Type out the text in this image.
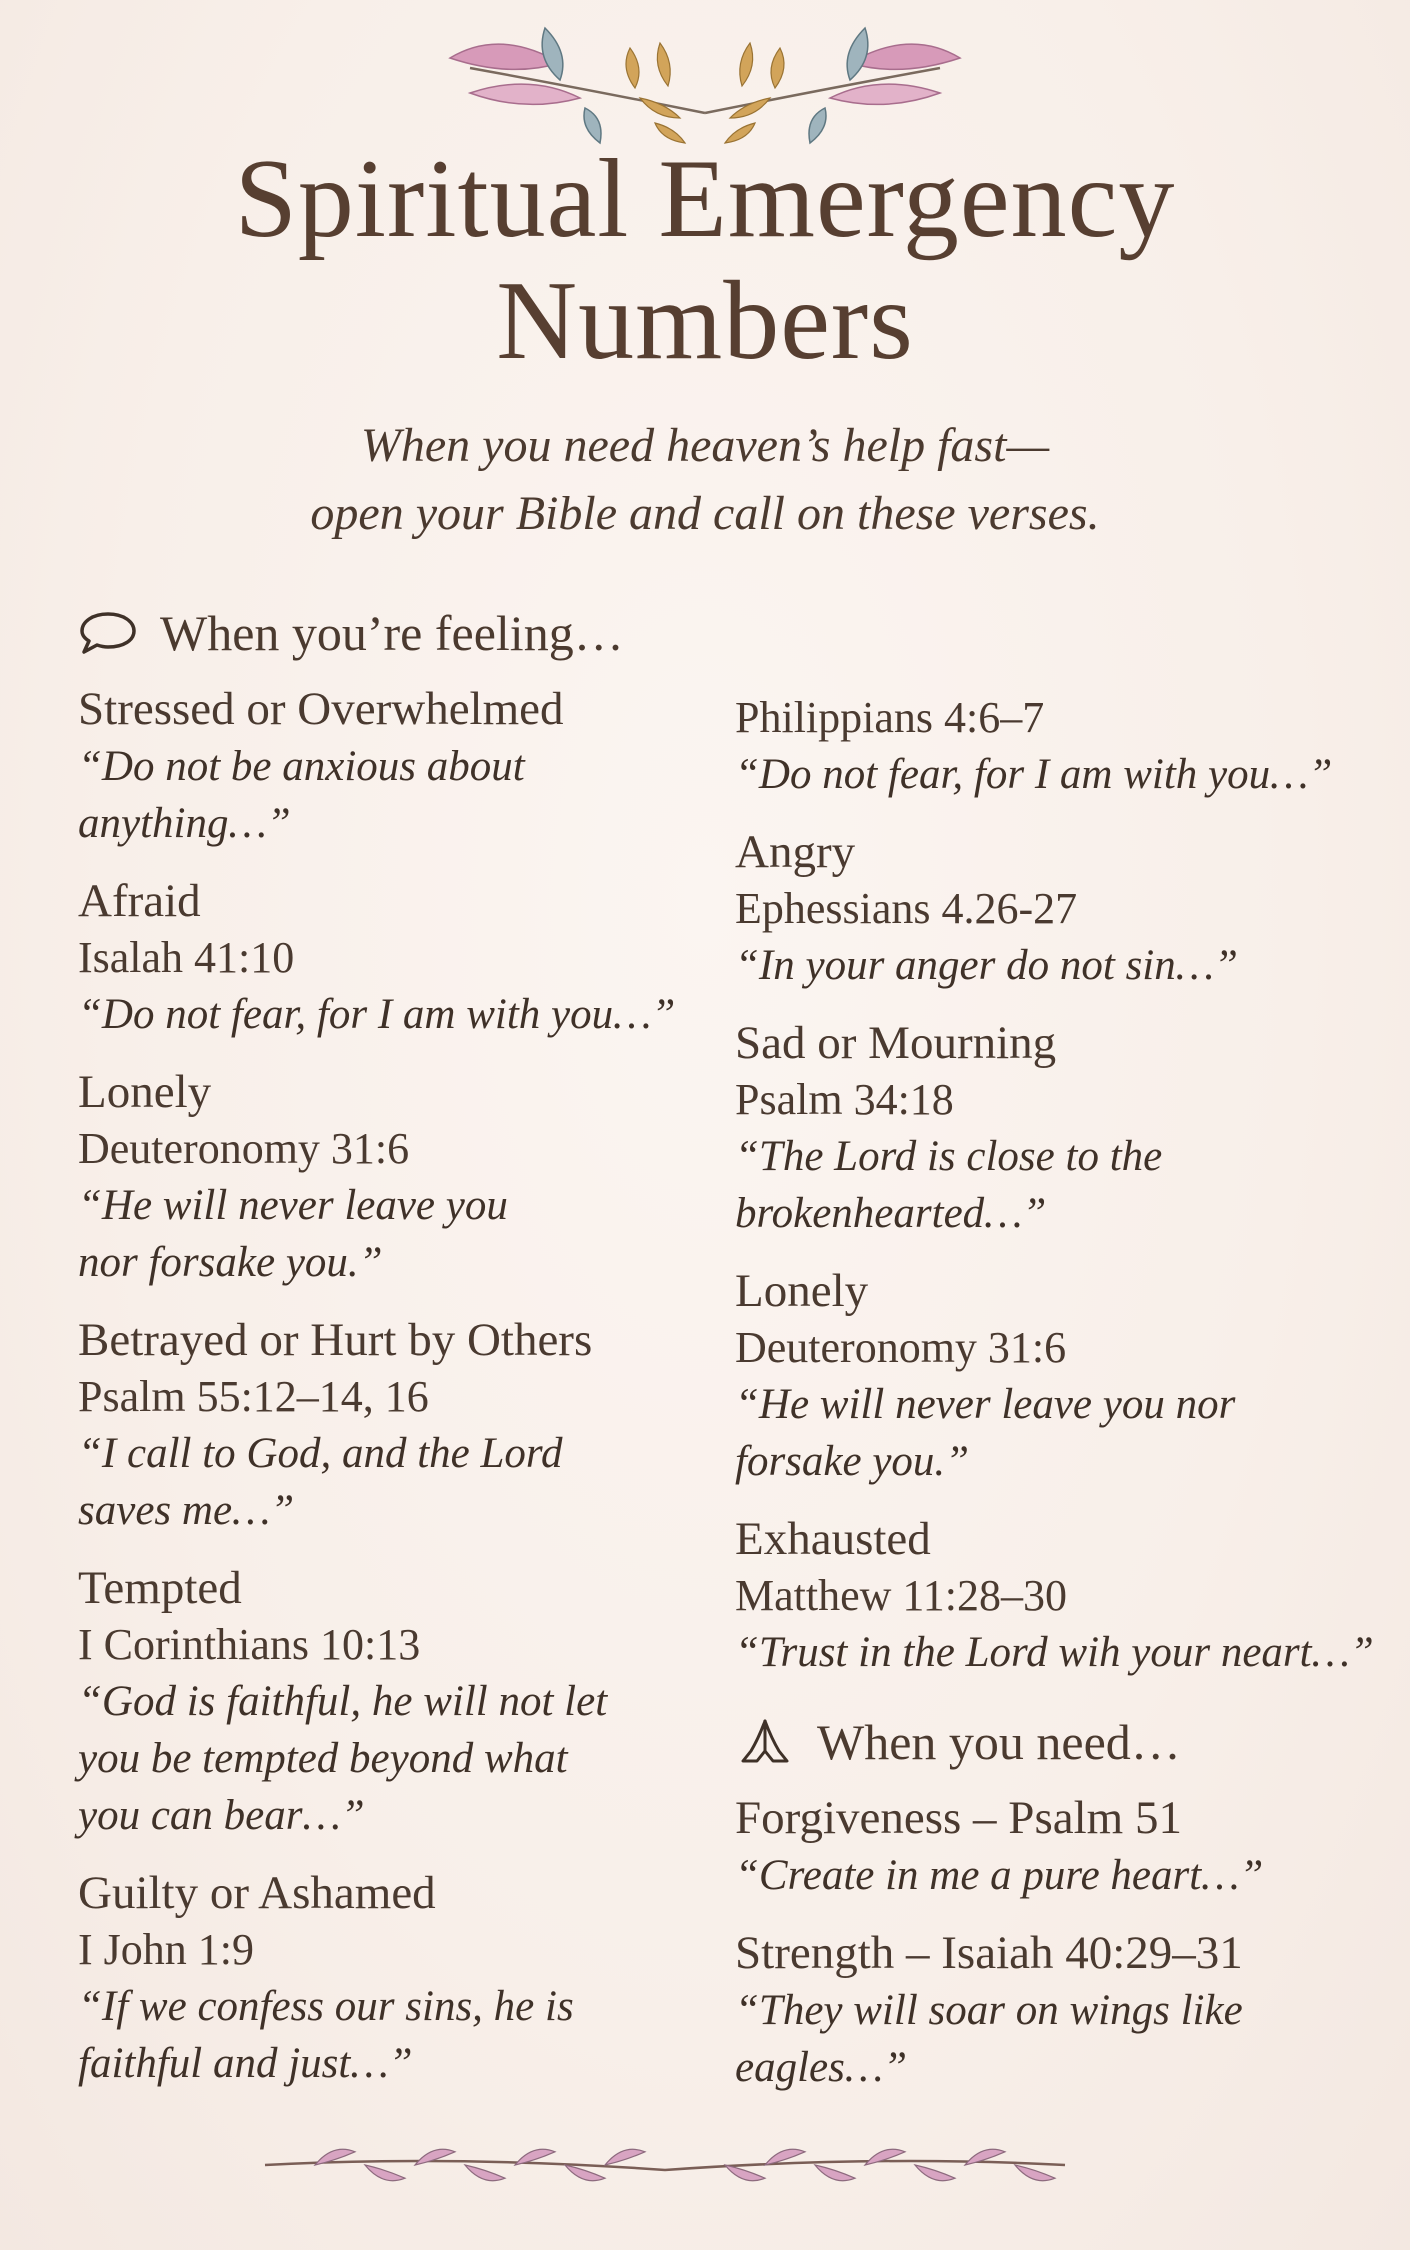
Spiritual Emergency
Numbers
When you need heaven’s help fast—
open your Bible and call on these verses.
When you’re feeling…
Stressed or Overwhelmed
“Do not be anxious about
anything…”
Afraid
Isalah 41:10
“Do not fear, for I am with you…”
Lonely
Deuteronomy 31:6
“He will never leave you
nor forsake you.”
Betrayed or Hurt by Others
Psalm 55:12–14, 16
“I call to God, and the Lord
saves me…”
Tempted
I Corinthians 10:13
“God is faithful, he will not let
you be tempted beyond what
you can bear…”
Guilty or Ashamed
I John 1:9
“If we confess our sins, he is
faithful and just…”
Philippians 4:6–7
“Do not fear, for I am with you…”
Angry
Ephessians 4.26-27
“In your anger do not sin…”
Sad or Mourning
Psalm 34:18
“The Lord is close to the
brokenhearted…”
Lonely
Deuteronomy 31:6
“He will never leave you nor
forsake you.”
Exhausted
Matthew 11:28–30
“Trust in the Lord wih your neart…”
When you need…
Forgiveness – Psalm 51
“Create in me a pure heart…”
Strength – Isaiah 40:29–31
“They will soar on wings like
eagles…”
